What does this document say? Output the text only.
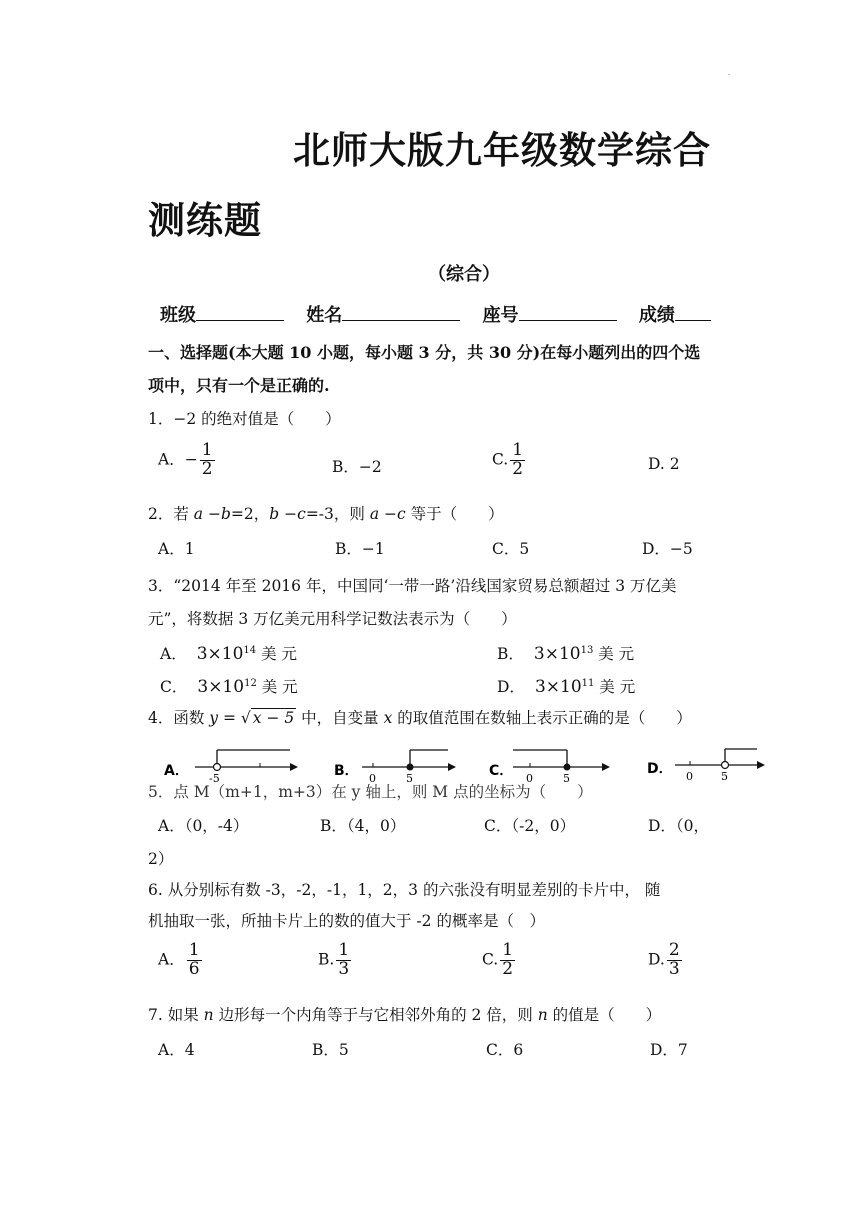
·
北师大版九年级数学综合
测练题
（综合）
班级	姓名	座号	成绩
一、选择题(本大题 10 小题，每小题 3 分，共 30 分)在每小题列出的四个选
项中，只有一个是正确的.
1．−2 的绝对值是（　　）
A．− $\frac{1}{2}$	B．−2	C. $\frac{1}{2}$	D. 2
2．若 a −b=2，b −c=-3，则 a −c 等于（　　）
A．1	B．−1	C．5	D．−5
3．“2014 年至 2016 年，中国同‘一带一路’沿线国家贸易总额超过 3 万亿美
元”，将数据 3 万亿美元用科学记数法表示为（　　）
A． $3\times 10^{14}$ 美 元	B． $3\times 10^{13}$ 美 元
C． $3\times 10^{12}$ 美 元	D． $3\times 10^{11}$ 美 元
4．函数 y = √ x − 5 中，自变量 x 的取值范围在数轴上表示正确的是（　　）
A． -5	B． 0	5	C． 0	5
D． 0	5
5．点 M（m+1，m+3）在 y 轴上，则 M 点的坐标为（　　）
A．（0，-4）	B．（4，0）	C．（-2，0）	D．（0，
2）
6. 从分别标有数 -3，-2，-1，1，2，3 的六张没有明显差别的卡片中， 随
机抽取一张，所抽卡片上的数的值大于 -2 的概率是（　）
A． $\frac{1}{6}$	B. $\frac{1}{3}$	C. $\frac{1}{2}$	D. $\frac{2}{3}$
7. 如果 n 边形每一个内角等于与它相邻外角的 2 倍，则 n 的值是（　　）
A．4	B．5	C．6	D．7
